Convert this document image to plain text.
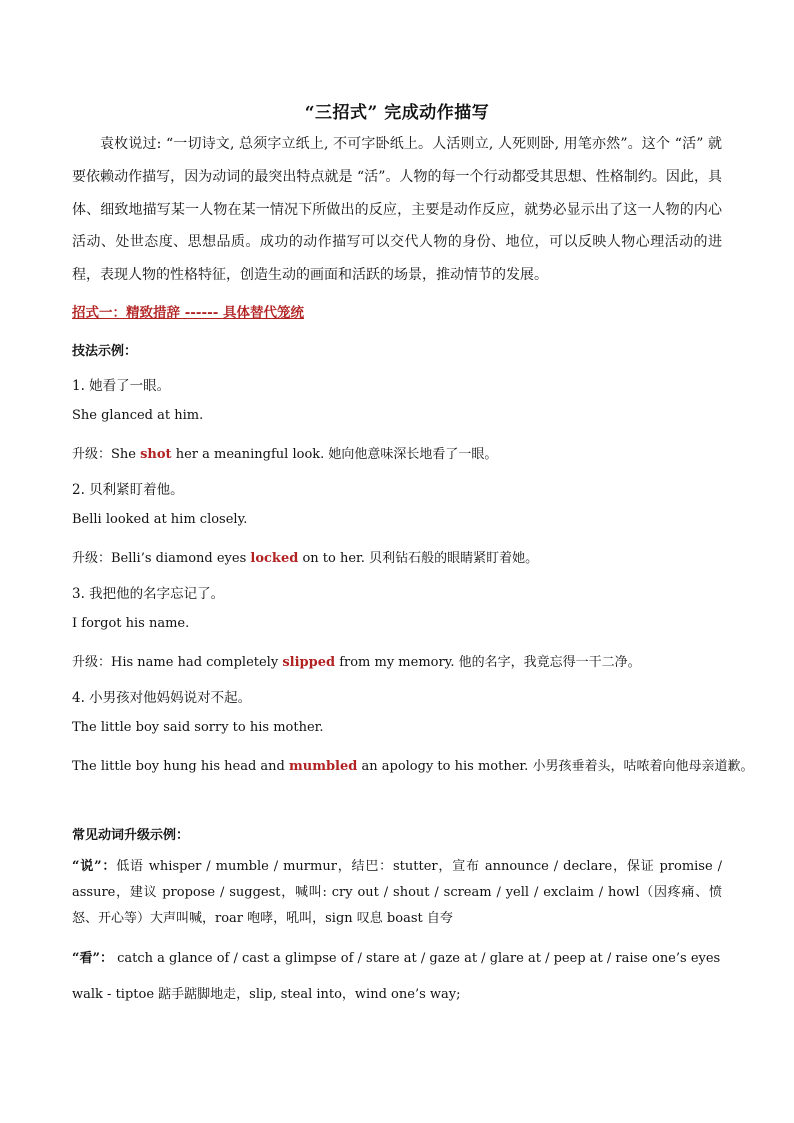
“三招式” 完成动作描写
袁枚说过: “一切诗文, 总须字立纸上, 不可字卧纸上。人活则立, 人死则卧, 用笔亦然”。这个 “活” 就要依赖动作描写，因为动词的最突出特点就是 “活”。人物的每一个行动都受其思想、性格制约。因此，具体、细致地描写某一人物在某一情况下所做出的反应，主要是动作反应，就势必显示出了这一人物的内心活动、处世态度、思想品质。成功的动作描写可以交代人物的身份、地位，可以反映人物心理活动的进程，表现人物的性格特征，创造生动的画面和活跃的场景，推动情节的发展。
招式一：精致措辞 ------ 具体替代笼统
技法示例：
1. 她看了一眼。
She glanced at him.
升级：She shot her a meaningful look. 她向他意味深长地看了一眼。
2. 贝利紧盯着他。
Belli looked at him closely.
升级：Belli’s diamond eyes locked on to her. 贝利钻石般的眼睛紧盯着她。
3. 我把他的名字忘记了。
I forgot his name.
升级：His name had completely slipped from my memory. 他的名字，我竟忘得一干二净。
4. 小男孩对他妈妈说对不起。
The little boy said sorry to his mother.
The little boy hung his head and mumbled an apology to his mother. 小男孩垂着头，咕哝着向他母亲道歉。
常见动词升级示例：
“说”：低语 whisper / mumble / murmur，结巴：stutter，宣布 announce / declare，保证 promise / assure，建议 propose / suggest，喊叫: cry out / shout / scream / yell / exclaim / howl（因疼痛、愤怒、开心等）大声叫喊，roar 咆哮，吼叫，sign 叹息 boast 自夸
“看”： catch a glance of / cast a glimpse of / stare at / gaze at / glare at / peep at / raise one’s eyes
walk - tiptoe 踮手踮脚地走，slip, steal into，wind one’s way;
